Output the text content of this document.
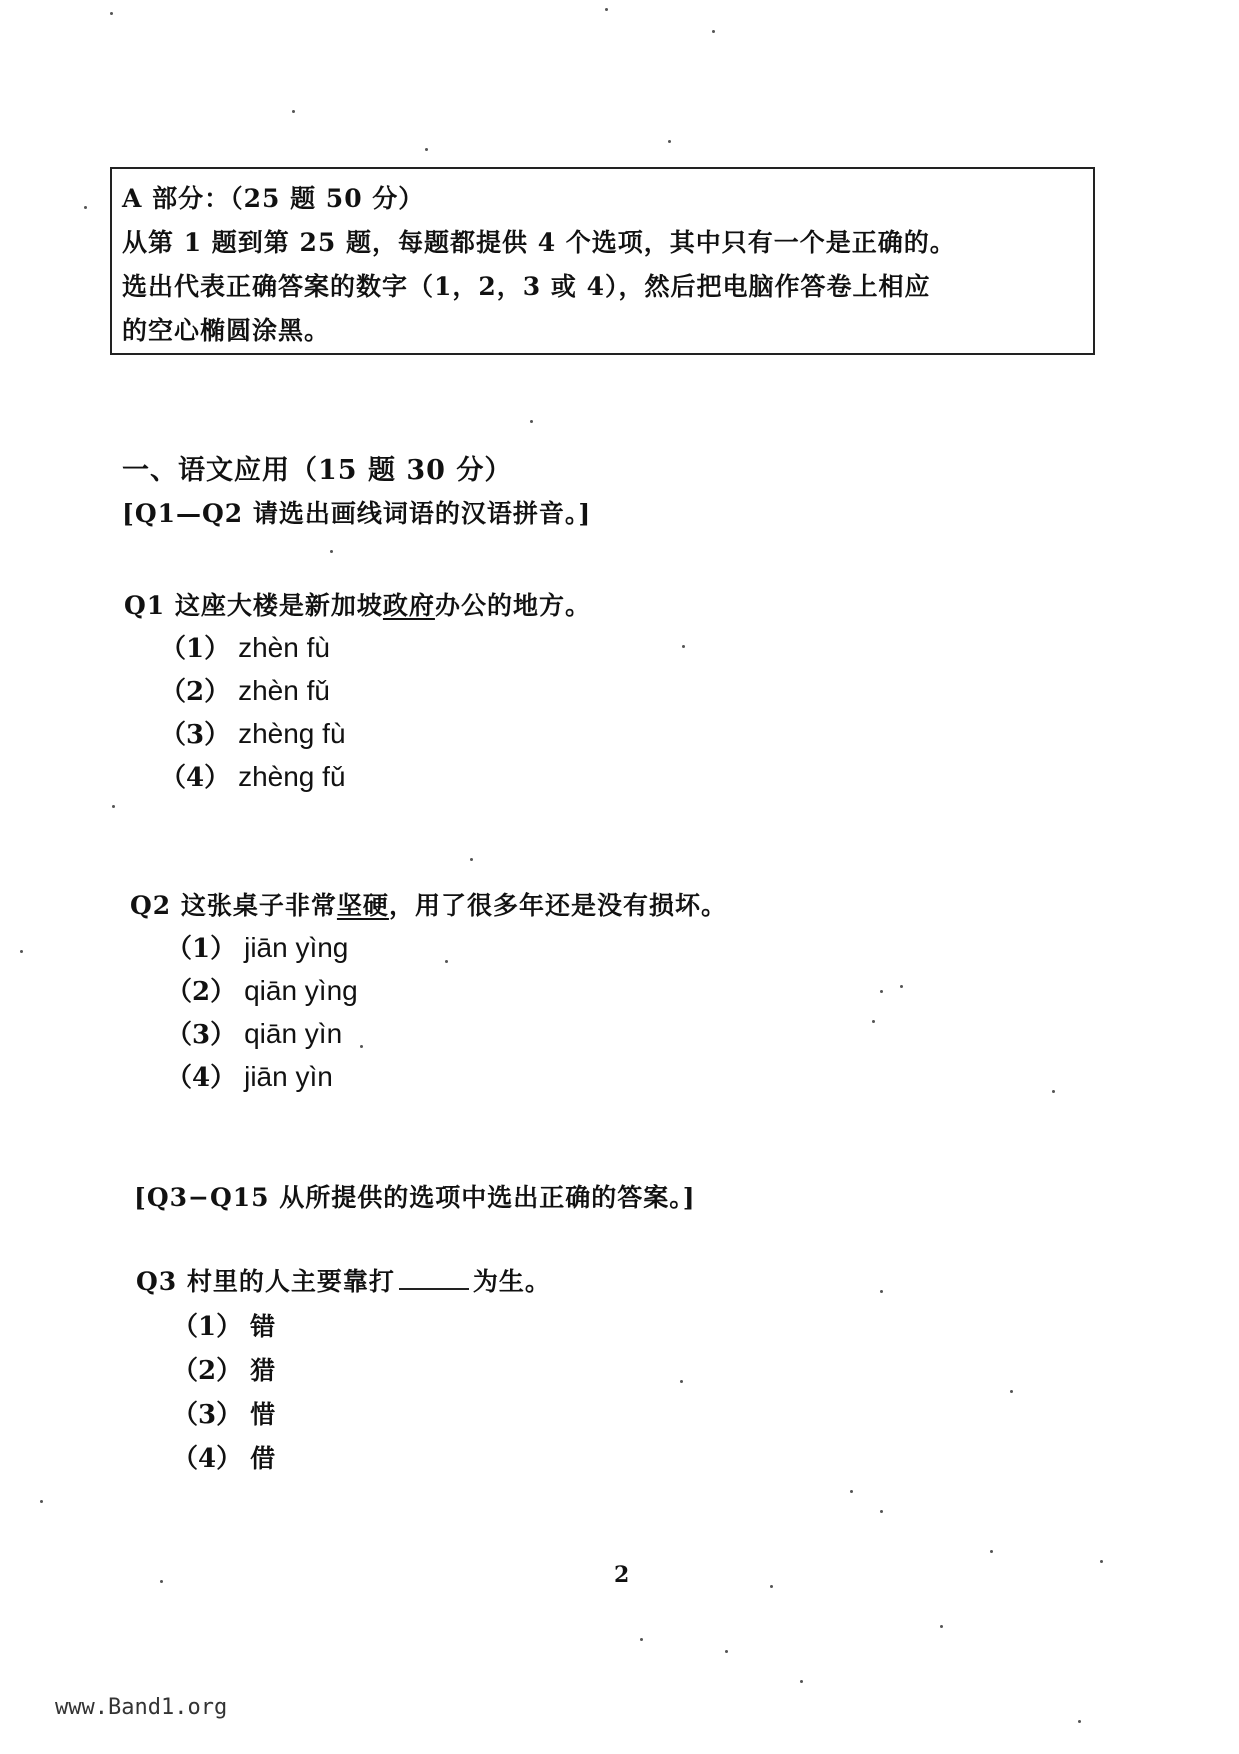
A 部分：（25 题 50 分）
从第 1 题到第 25 题，每题都提供 4 个选项，其中只有一个是正确的。
选出代表正确答案的数字（1，2，3 或 4），然后把电脑作答卷上相应
的空心椭圆涂黑。
一、语文应用（15 题 30 分）
[Q1—Q2 请选出画线词语的汉语拼音。]
Q1 这座大楼是新加坡政府办公的地方。
（1） zhèn fù
（2） zhèn fǔ
（3） zhèng fù
（4） zhèng fǔ
Q2 这张桌子非常坚硬，用了很多年还是没有损坏。
（1） jiān yìng
（2） qiān yìng
（3） qiān yìn
（4） jiān yìn
[Q3−Q15 从所提供的选项中选出正确的答案。]
Q3 村里的人主要靠打	为生。
（1） 错
（2） 猎
（3） 惜
（4） 借
2
www.Band1.org
